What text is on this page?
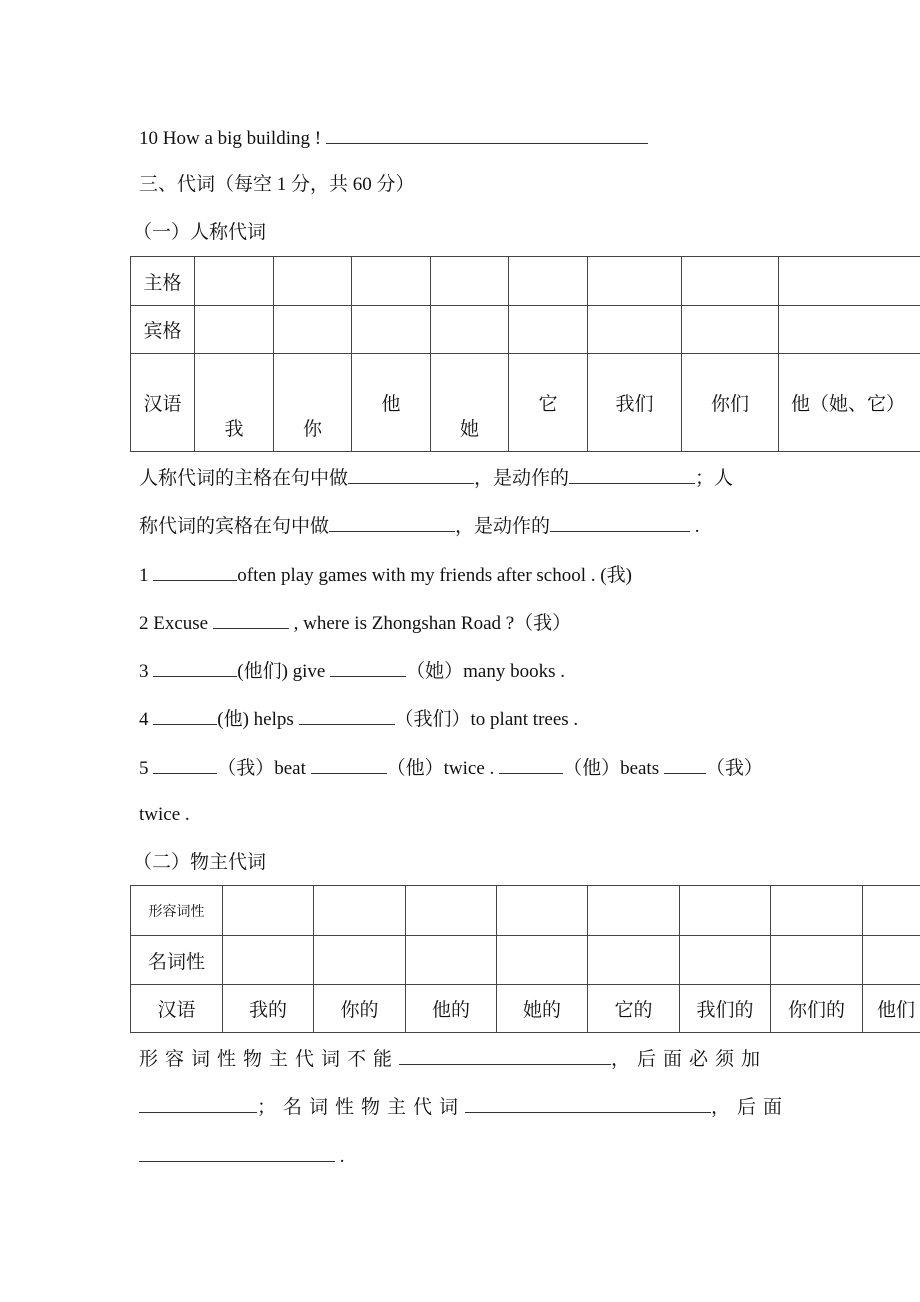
10 How a big building !
三、代词（每空 1 分，共 60 分）
（一）人称代词
主格								
宾格								
汉语	我	你	他	她	它	我们	你们	他（她、它）
人称代词的主格在句中做	，是动作的	；人
称代词的宾格在句中做	，是动作的	.
1	often play games with my friends after school . (我)
2 Excuse	, where is Zhongshan Road ?（我）
3	(他们) give	（她）many books .
4	(他) helps	（我们）to plant trees .
5	（我）beat	（他）twice .	（他）beats （我）
twice .
（二）物主代词
形容词性								
名词性								
汉语	我的	你的	他的	她的	它的	我们的	你们的	他们
形容词性物主代词不能	，后面必须加
；名词性物主代词	，后面
.
